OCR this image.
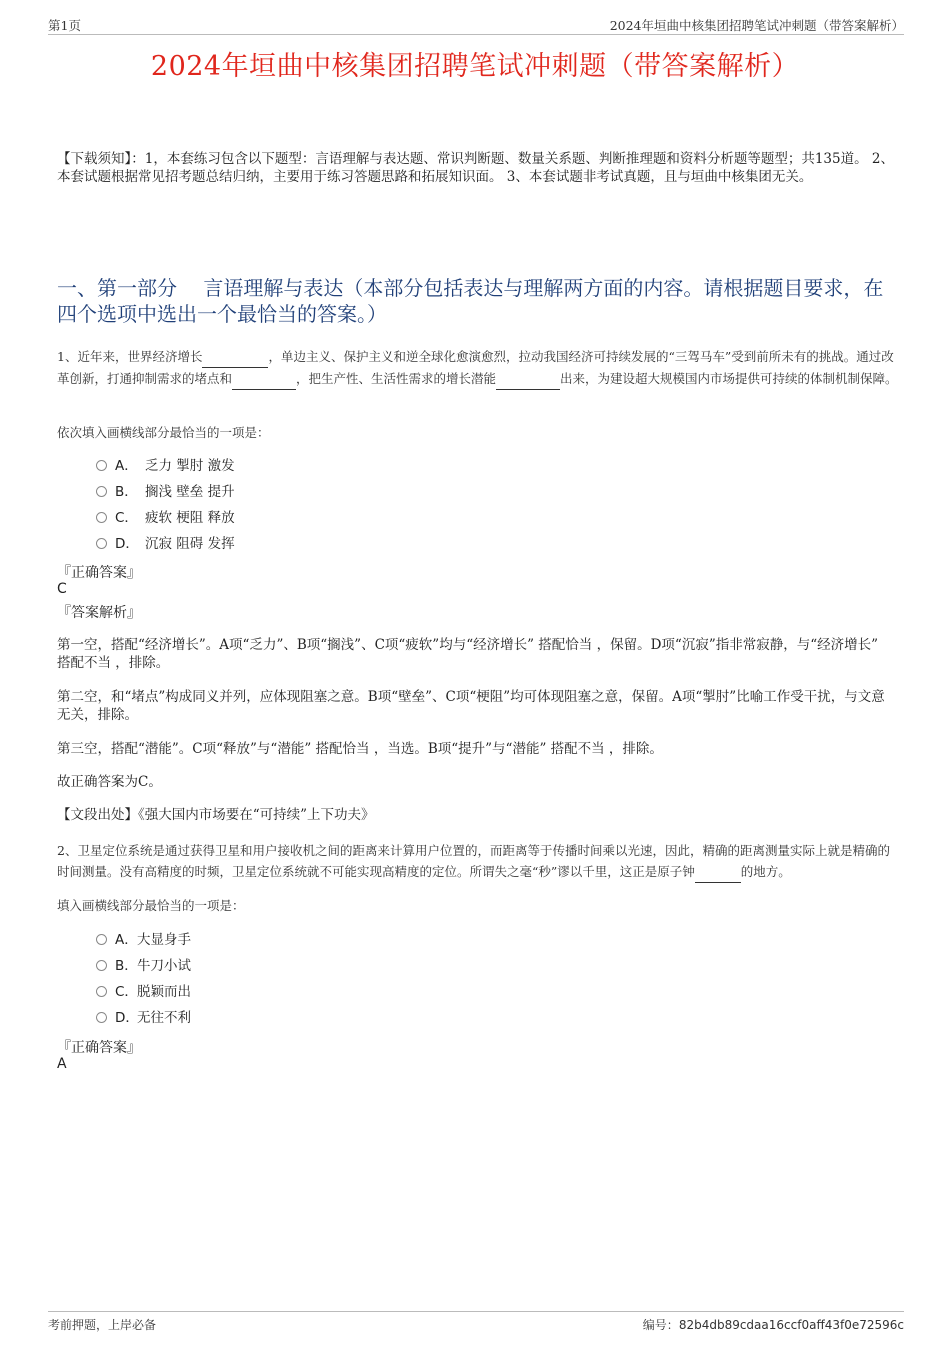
第1页	2024年垣曲中核集团招聘笔试冲刺题（带答案解析）
2024年垣曲中核集团招聘笔试冲刺题（带答案解析）
【下载须知】：1，本套练习包含以下题型：言语理解与表达题、常识判断题、数量关系题、判断推理题和资料分析题等题型；共135道。 2、本套试题根据常见招考题总结归纳，主要用于练习答题思路和拓展知识面。 3、本套试题非考试真题，且与垣曲中核集团无关。
一、第一部分　 言语理解与表达（本部分包括表达与理解两方面的内容。请根据题目要求，在四个选项中选出一个最恰当的答案。）
1、近年来，世界经济增长	，单边主义、保护主义和逆全球化愈演愈烈，拉动我国经济可持续发展的“三驾马车”受到前所未有的挑战。通过改革创新，打通抑制需求的堵点和	，把生产性、生活性需求的增长潜能	出来，为建设超大规模国内市场提供可持续的体制机制保障。
依次填入画横线部分最恰当的一项是：
A． 乏力 掣肘 激发
B． 搁浅 壁垒 提升
C． 疲软 梗阻 释放
D． 沉寂 阻碍 发挥
『正确答案』
C
『答案解析』
第一空，搭配“经济增长”。A项“乏力”、B项“搁浅”、C项“疲软”均与“经济增长” 搭配恰当 ，保留。D项“沉寂”指非常寂静，与“经济增长” 搭配不当 ，排除。
第二空，和“堵点”构成同义并列，应体现阻塞之意。B项“壁垒”、C项“梗阻”均可体现阻塞之意，保留。A项“掣肘”比喻工作受干扰，与文意无关，排除。
第三空，搭配“潜能”。C项“释放”与“潜能” 搭配恰当 ，当选。B项“提升”与“潜能” 搭配不当 ，排除。
故正确答案为C。
【文段出处】《强大国内市场要在“可持续”上下功夫》
2、卫星定位系统是通过获得卫星和用户接收机之间的距离来计算用户位置的，而距离等于传播时间乘以光速，因此，精确的距离测量实际上就是精确的时间测量。没有高精度的时频，卫星定位系统就不可能实现高精度的定位。所谓失之毫“秒”谬以千里，这正是原子钟	的地方。
填入画横线部分最恰当的一项是：
A．大显身手
B．牛刀小试
C．脱颖而出
D．无往不利
『正确答案』
A
考前押题，上岸必备	编号：82b4db89cdaa16ccf0aff43f0e72596c
